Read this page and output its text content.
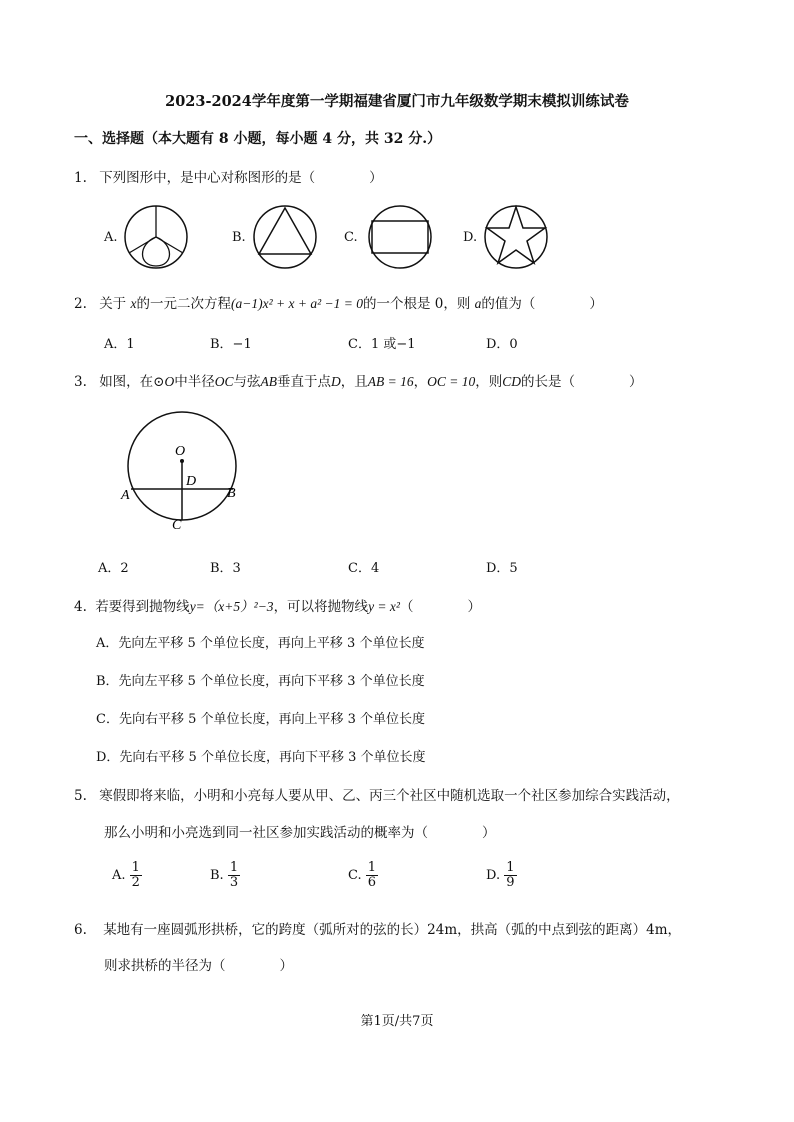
2023-2024学年度第一学期福建省厦门市九年级数学期末模拟训练试卷
一、选择题（本大题有 8 小题，每小题 4 分，共 32 分.）
1. 下列图形中，是中心对称图形的是（　　　　）
A.	B.	C.	D.
2. 关于 x的一元二次方程(a−1)x² + x + a² −1 = 0的一个根是 0，则 a的值为（　　　　）
A．1	B．−1	C．1 或−1	D．0
3. 如图，在⊙O中半径OC与弦AB垂直于点D，且AB = 16，OC = 10，则CD的长是（　　　　）
O
D
A	B
C
A．2	B．3	C．4	D．5
4. 若要得到抛物线y=（x+5）²−3，可以将抛物线y = x²（　　　　）
A．先向左平移 5 个单位长度，再向上平移 3 个单位长度
B．先向左平移 5 个单位长度，再向下平移 3 个单位长度
C．先向右平移 5 个单位长度，再向上平移 3 个单位长度
D．先向右平移 5 个单位长度，再向下平移 3 个单位长度
5. 寒假即将来临，小明和小亮每人要从甲、乙、丙三个社区中随机选取一个社区参加综合实践活动，
那么小明和小亮选到同一社区参加实践活动的概率为（　　　　）
A. $\frac{1}{2}$	B. $\frac{1}{3}$	C. $\frac{1}{6}$	D. $\frac{1}{9}$
6. 某地有一座圆弧形拱桥，它的跨度（弧所对的弦的长）24m，拱高（弧的中点到弦的距离）4m，
则求拱桥的半径为（　　　　）
第1页/共7页
